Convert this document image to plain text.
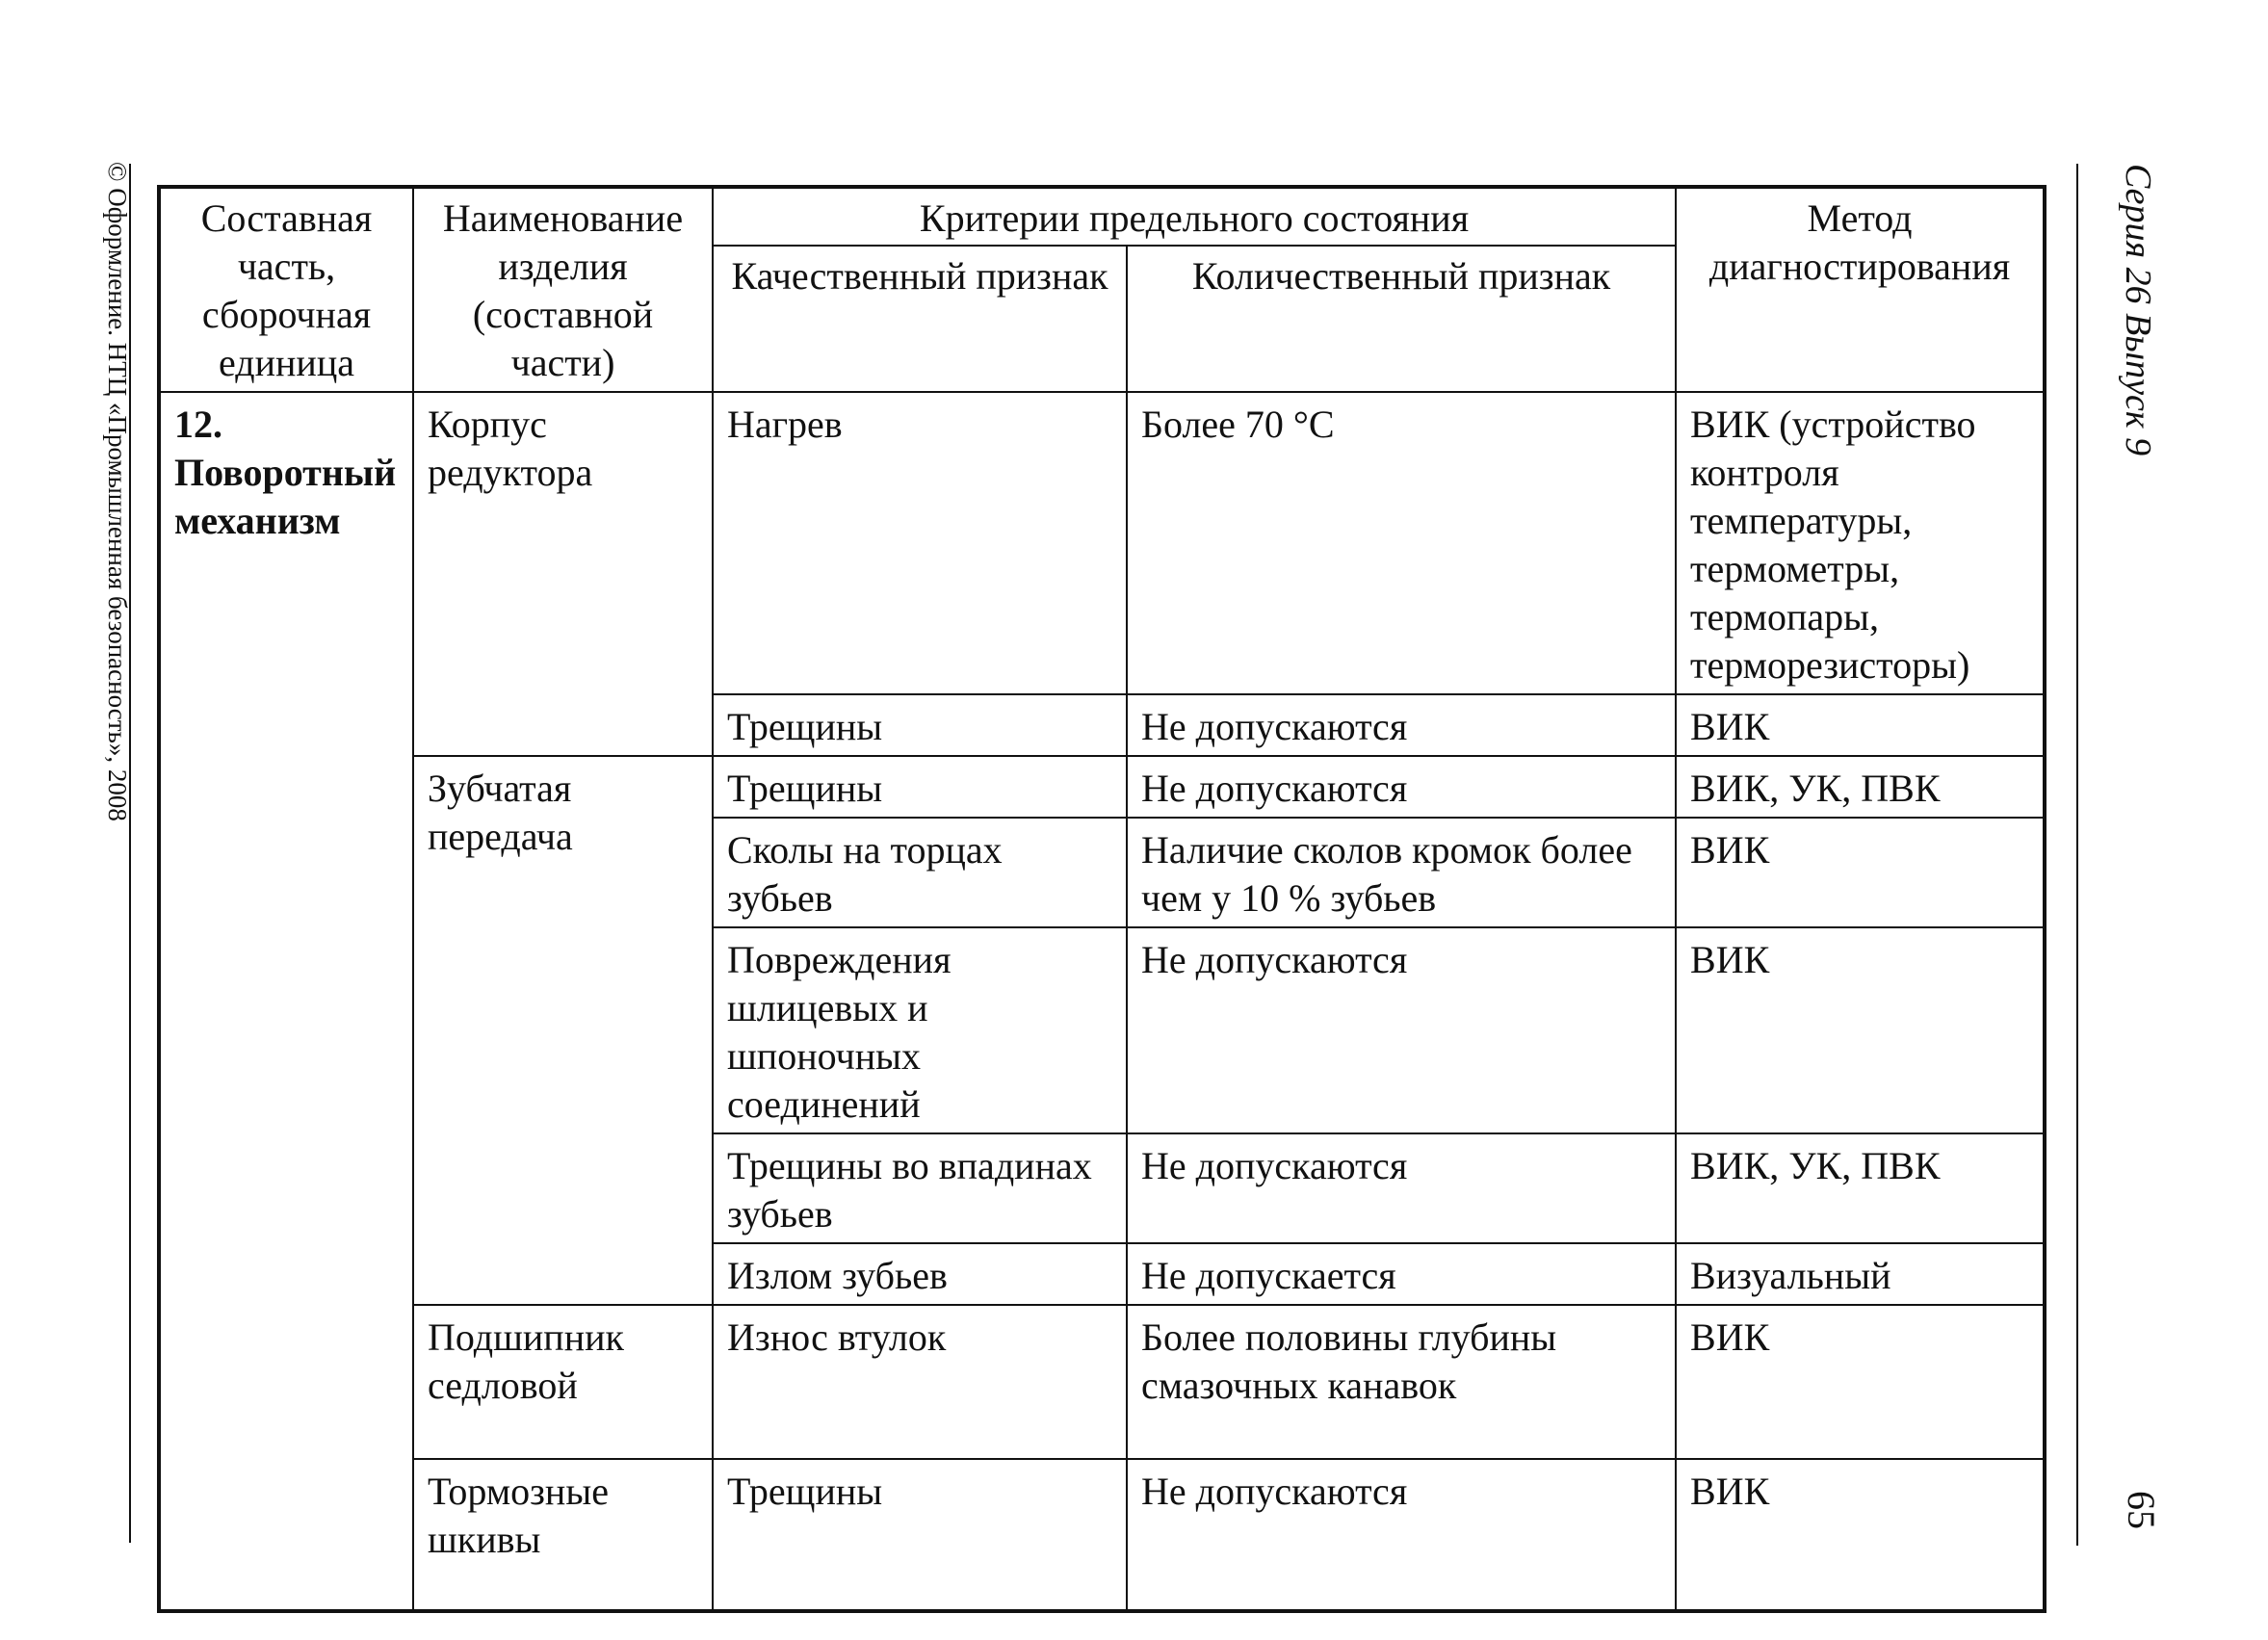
© Оформление. НТЦ «Промышленная безопасность», 2008	Серия 26 Выпуск 9
65
Составная часть, сборочная единица	Наименование изделия (составной части)	Критерии предельного состояния		Метод диагностирования
		Качественный признак	Количественный признак	
12. Поворотный механизм	Корпус редуктора	Нагрев	Более 70 °C	ВИК (устройство контроля температуры, термометры, термопары, терморезисторы)
		Трещины	Не допускаются	ВИК
	Зубчатая передача	Трещины	Не допускаются	ВИК, УК, ПВК
		Сколы на торцах зубьев	Наличие сколов кромок более чем у 10 % зубьев	ВИК
		Повреждения шлицевых и шпоночных соединений	Не допускаются	ВИК
		Трещины во впадинах зубьев	Не допускаются	ВИК, УК, ПВК
		Излом зубьев	Не допускается	Визуальный
	Подшипник седловой	Износ втулок	Более половины глубины смазочных канавок	ВИК
	Тормозные шкивы	Трещины	Не допускаются	ВИК
